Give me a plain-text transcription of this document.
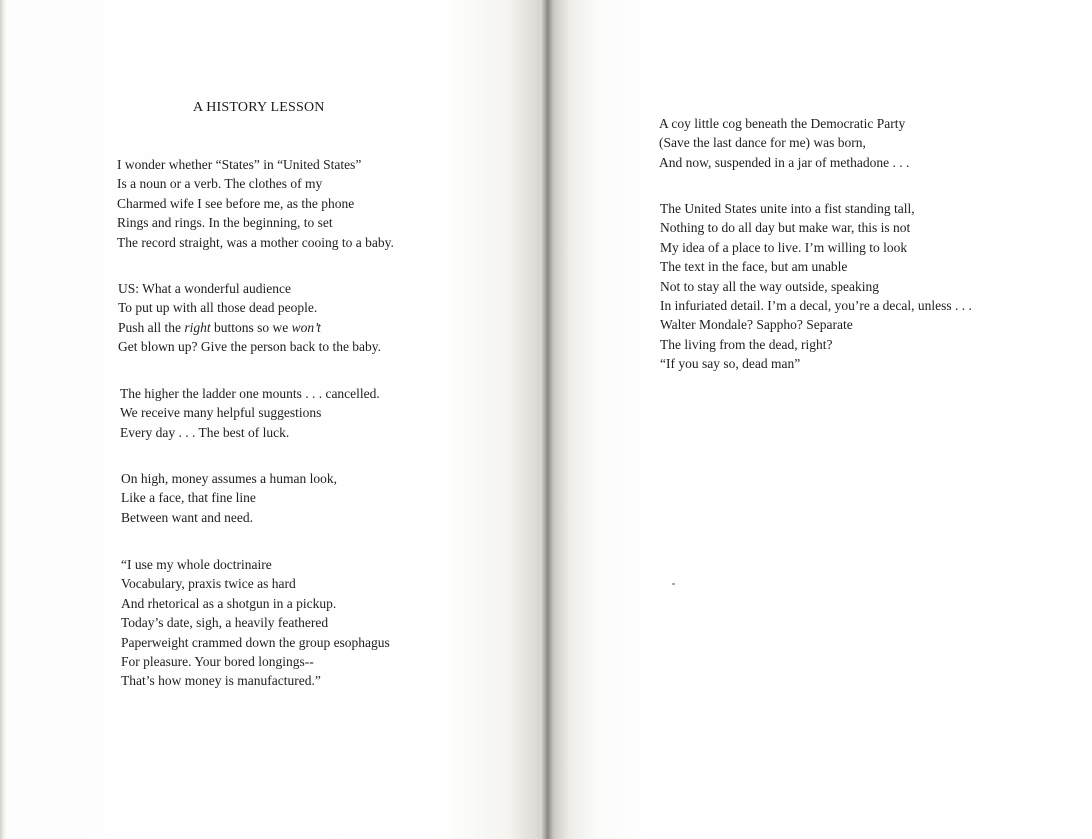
A HISTORY LESSON
I wonder whether “States” in “United States”
Is a noun or a verb. The clothes of my
Charmed wife I see before me, as the phone
Rings and rings. In the beginning, to set
The record straight, was a mother cooing to a baby.
US: What a wonderful audience
To put up with all those dead people.
Push all the right buttons so we won’t
Get blown up? Give the person back to the baby.
The higher the ladder one mounts . . . cancelled.
We receive many helpful suggestions
Every day . . . The best of luck.
On high, money assumes a human look,
Like a face, that fine line
Between want and need.
“I use my whole doctrinaire
Vocabulary, praxis twice as hard
And rhetorical as a shotgun in a pickup.
Today’s date, sigh, a heavily feathered
Paperweight crammed down the group esophagus
For pleasure. Your bored longings--
That’s how money is manufactured.”
A coy little cog beneath the Democratic Party
(Save the last dance for me) was born,
And now, suspended in a jar of methadone . . .
The United States unite into a fist standing tall,
Nothing to do all day but make war, this is not
My idea of a place to live. I’m willing to look
The text in the face, but am unable
Not to stay all the way outside, speaking
In infuriated detail. I’m a decal, you’re a decal, unless . . .
Walter Mondale? Sappho? Separate
The living from the dead, right?
“If you say so, dead man”
